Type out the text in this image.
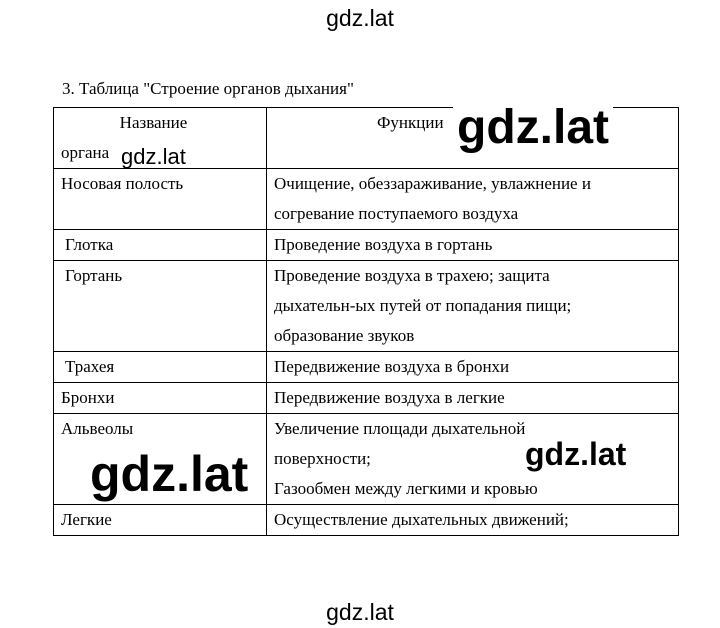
gdz.lat
3. Таблица "Строение органов дыхания"
Название
органа	Функции

Носовая полость	Очищение, обеззараживание, увлажнение и
согревание поступаемого воздуха

Глотка	Проведение воздуха в гортань

Гортань	Проведение воздуха в трахею; защита
дыхательн-ых путей от попадания пищи;
образование звуков

Трахея	Передвижение воздуха в бронхи

Бронхи	Передвижение воздуха в легкие

Альвеолы	Увеличение площади дыхательной
поверхности;
Газообмен между легкими и кровью

Легкие	Осуществление дыхательных движений;
gdz.lat
gdz.lat
gdz.lat	gdz.lat
gdz.lat
